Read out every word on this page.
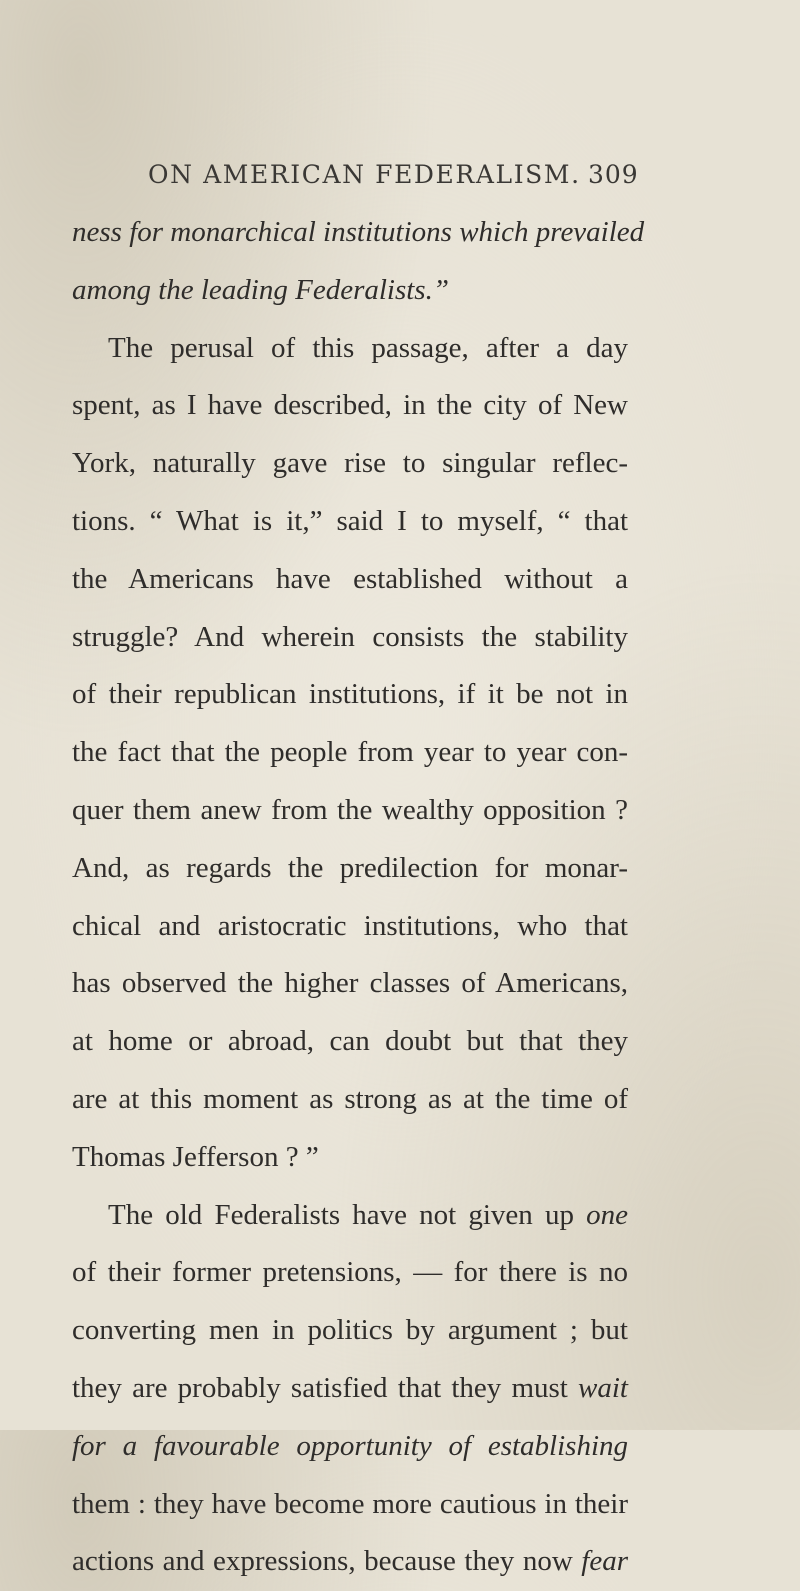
ON AMERICAN FEDERALISM. 309
ness for monarchical institutions which prevailed
among the leading Federalists.”
The perusal of this passage, after a day
spent, as I have described, in the city of New
York, naturally gave rise to singular reflec-
tions. “ What is it,” said I to myself, “ that
the Americans have established without a
struggle? And wherein consists the stability
of their republican institutions, if it be not in
the fact that the people from year to year con-
quer them anew from the wealthy opposition ?
And, as regards the predilection for monar-
chical and aristocratic institutions, who that
has observed the higher classes of Americans,
at home or abroad, can doubt but that they
are at this moment as strong as at the time of
Thomas Jefferson ? ”
The old Federalists have not given up one
of their former pretensions, — for there is no
converting men in politics by argument ; but
they are probably satisfied that they must wait
for a favourable opportunity of establishing
them : they have become more cautious in their
actions and expressions, because they now fear
